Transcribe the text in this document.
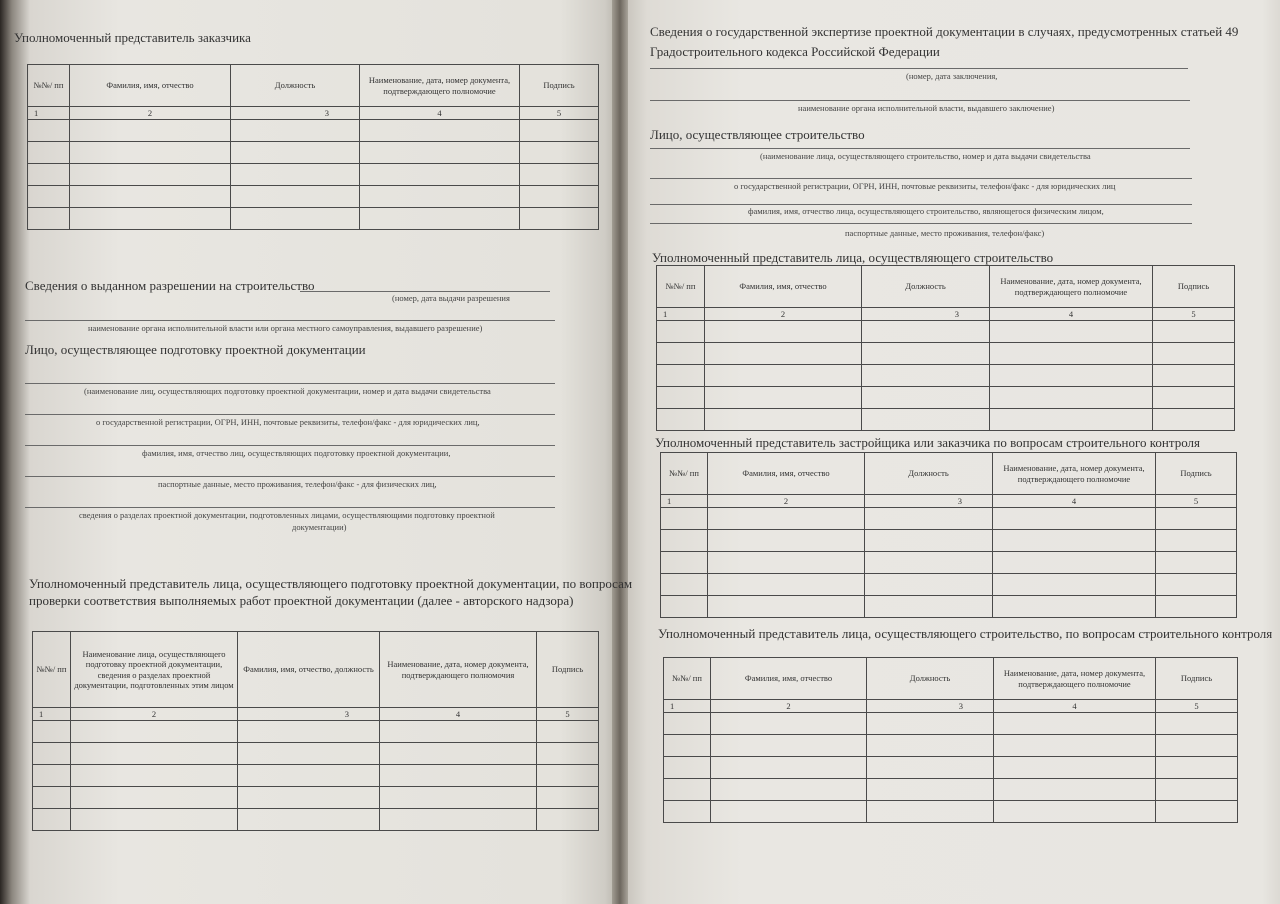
Уполномоченный представитель заказчика
№№/ пп	Фамилия, имя, отчество	Должность	Наименование, дата, номер документа, подтверждающего полномочие	Подпись
1	2	3	4	5

Сведения о выданном разрешении на строительство
(номер, дата выдачи разрешения
наименование органа исполнительной власти или органа местного самоуправления, выдавшего разрешение)
Лицо, осуществляющее подготовку проектной документации
(наименование лиц, осуществляющих подготовку проектной документации, номер и дата выдачи свидетельства
о государственной регистрации, ОГРН, ИНН, почтовые реквизиты, телефон/факс - для юридических лиц,
фамилия, имя, отчество лиц, осуществляющих подготовку проектной документации,
паспортные данные, место проживания, телефон/факс - для физических лиц,
сведения о разделах проектной документации, подготовленных лицами, осуществляющими подготовку проектной
документации)
Уполномоченный представитель лица, осуществляющего подготовку проектной документации, по вопросам
проверки соответствия выполняемых работ проектной документации (далее - авторского надзора)
№№/ пп	Наименование лица, осуществляющего подготовку проектной документации, сведения о разделах проектной документации, подготовленных этим лицом	Фамилия, имя, отчество, должность	Наименование, дата, номер документа, подтверждающего полномочия	Подпись
1	2	3	4	5

Сведения о государственной экспертизе проектной документации в случаях, предусмотренных статьей 49
Градостроительного кодекса Российской Федерации
(номер, дата заключения,
наименование органа исполнительной власти, выдавшего заключение)
Лицо, осуществляющее строительство
(наименование лица, осуществляющего строительство, номер и дата выдачи свидетельства
о государственной регистрации, ОГРН, ИНН, почтовые реквизиты, телефон/факс - для юридических лиц
фамилия, имя, отчество лица, осуществляющего строительство, являющегося физическим лицом,
паспортные данные, место проживания, телефон/факс)
Уполномоченный представитель лица, осуществляющего строительство
№№/ пп	Фамилия, имя, отчество	Должность	Наименование, дата, номер документа, подтверждающего полномочие	Подпись
1	2	3	4	5

Уполномоченный представитель застройщика или заказчика по вопросам строительного контроля
№№/ пп	Фамилия, имя, отчество	Должность	Наименование, дата, номер документа, подтверждающего полномочие	Подпись
1	2	3	4	5

Уполномоченный представитель лица, осуществляющего строительство, по вопросам строительного контроля
№№/ пп	Фамилия, имя, отчество	Должность	Наименование, дата, номер документа, подтверждающего полномочие	Подпись
1	2	3	4	5
